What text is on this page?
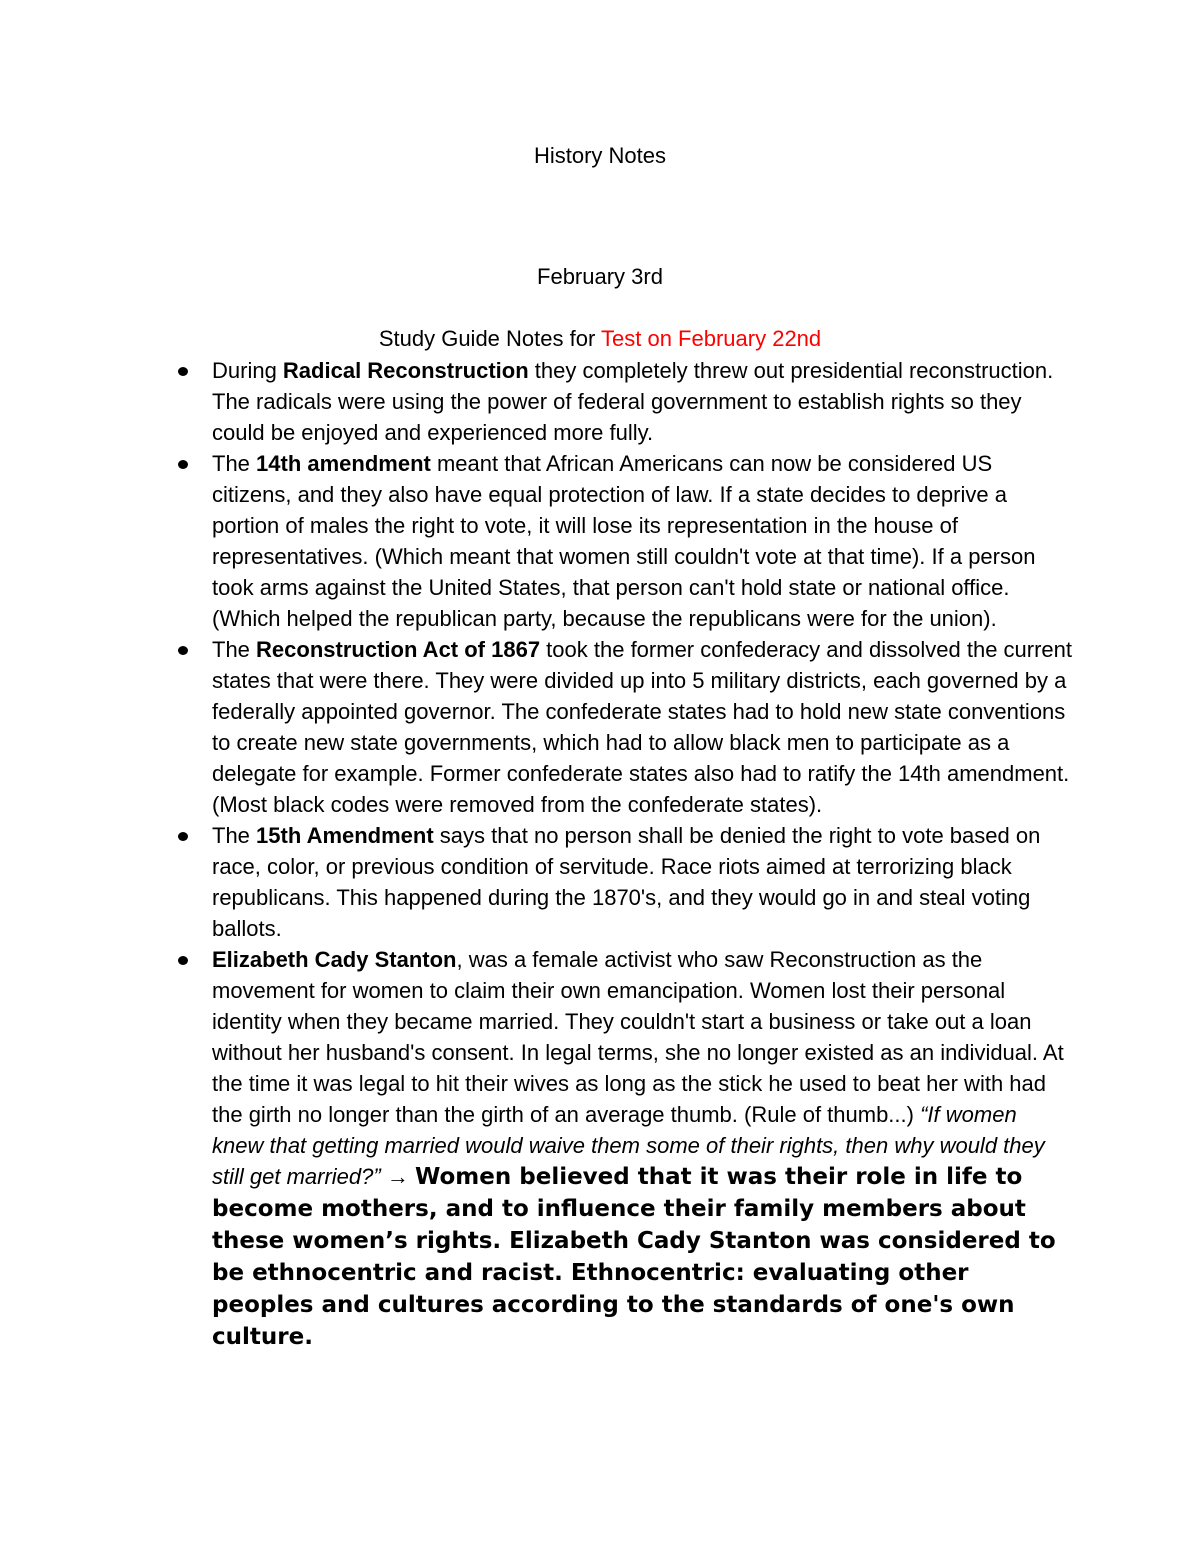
History Notes
February 3rd
Study Guide Notes for Test on February 22nd
During Radical Reconstruction they completely threw out presidential reconstruction. The radicals were using the power of federal government to establish rights so they could be enjoyed and experienced more fully.
The 14th amendment meant that African Americans can now be considered US citizens, and they also have equal protection of law. If a state decides to deprive a portion of males the right to vote, it will lose its representation in the house of representatives. (Which meant that women still couldn't vote at that time). If a person took arms against the United States, that person can't hold state or national office. (Which helped the republican party, because the republicans were for the union).
The Reconstruction Act of 1867 took the former confederacy and dissolved the current states that were there. They were divided up into 5 military districts, each governed by a federally appointed governor. The confederate states had to hold new state conventions to create new state governments, which had to allow black men to participate as a delegate for example. Former confederate states also had to ratify the 14th amendment. (Most black codes were removed from the confederate states).
The 15th Amendment says that no person shall be denied the right to vote based on race, color, or previous condition of servitude. Race riots aimed at terrorizing black republicans. This happened during the 1870's, and they would go in and steal voting ballots.
Elizabeth Cady Stanton, was a female activist who saw Reconstruction as the movement for women to claim their own emancipation. Women lost their personal identity when they became married. They couldn't start a business or take out a loan without her husband's consent. In legal terms, she no longer existed as an individual. At the time it was legal to hit their wives as long as the stick he used to beat her with had the girth no longer than the girth of an average thumb. (Rule of thumb...) “If women knew that getting married would waive them some of their rights, then why would they still get married?” → Women believed that it was their role in life to become mothers, and to influence their family members about these women’s rights. Elizabeth Cady Stanton was considered to be ethnocentric and racist. Ethnocentric: evaluating other peoples and cultures according to the standards of one's own culture.
